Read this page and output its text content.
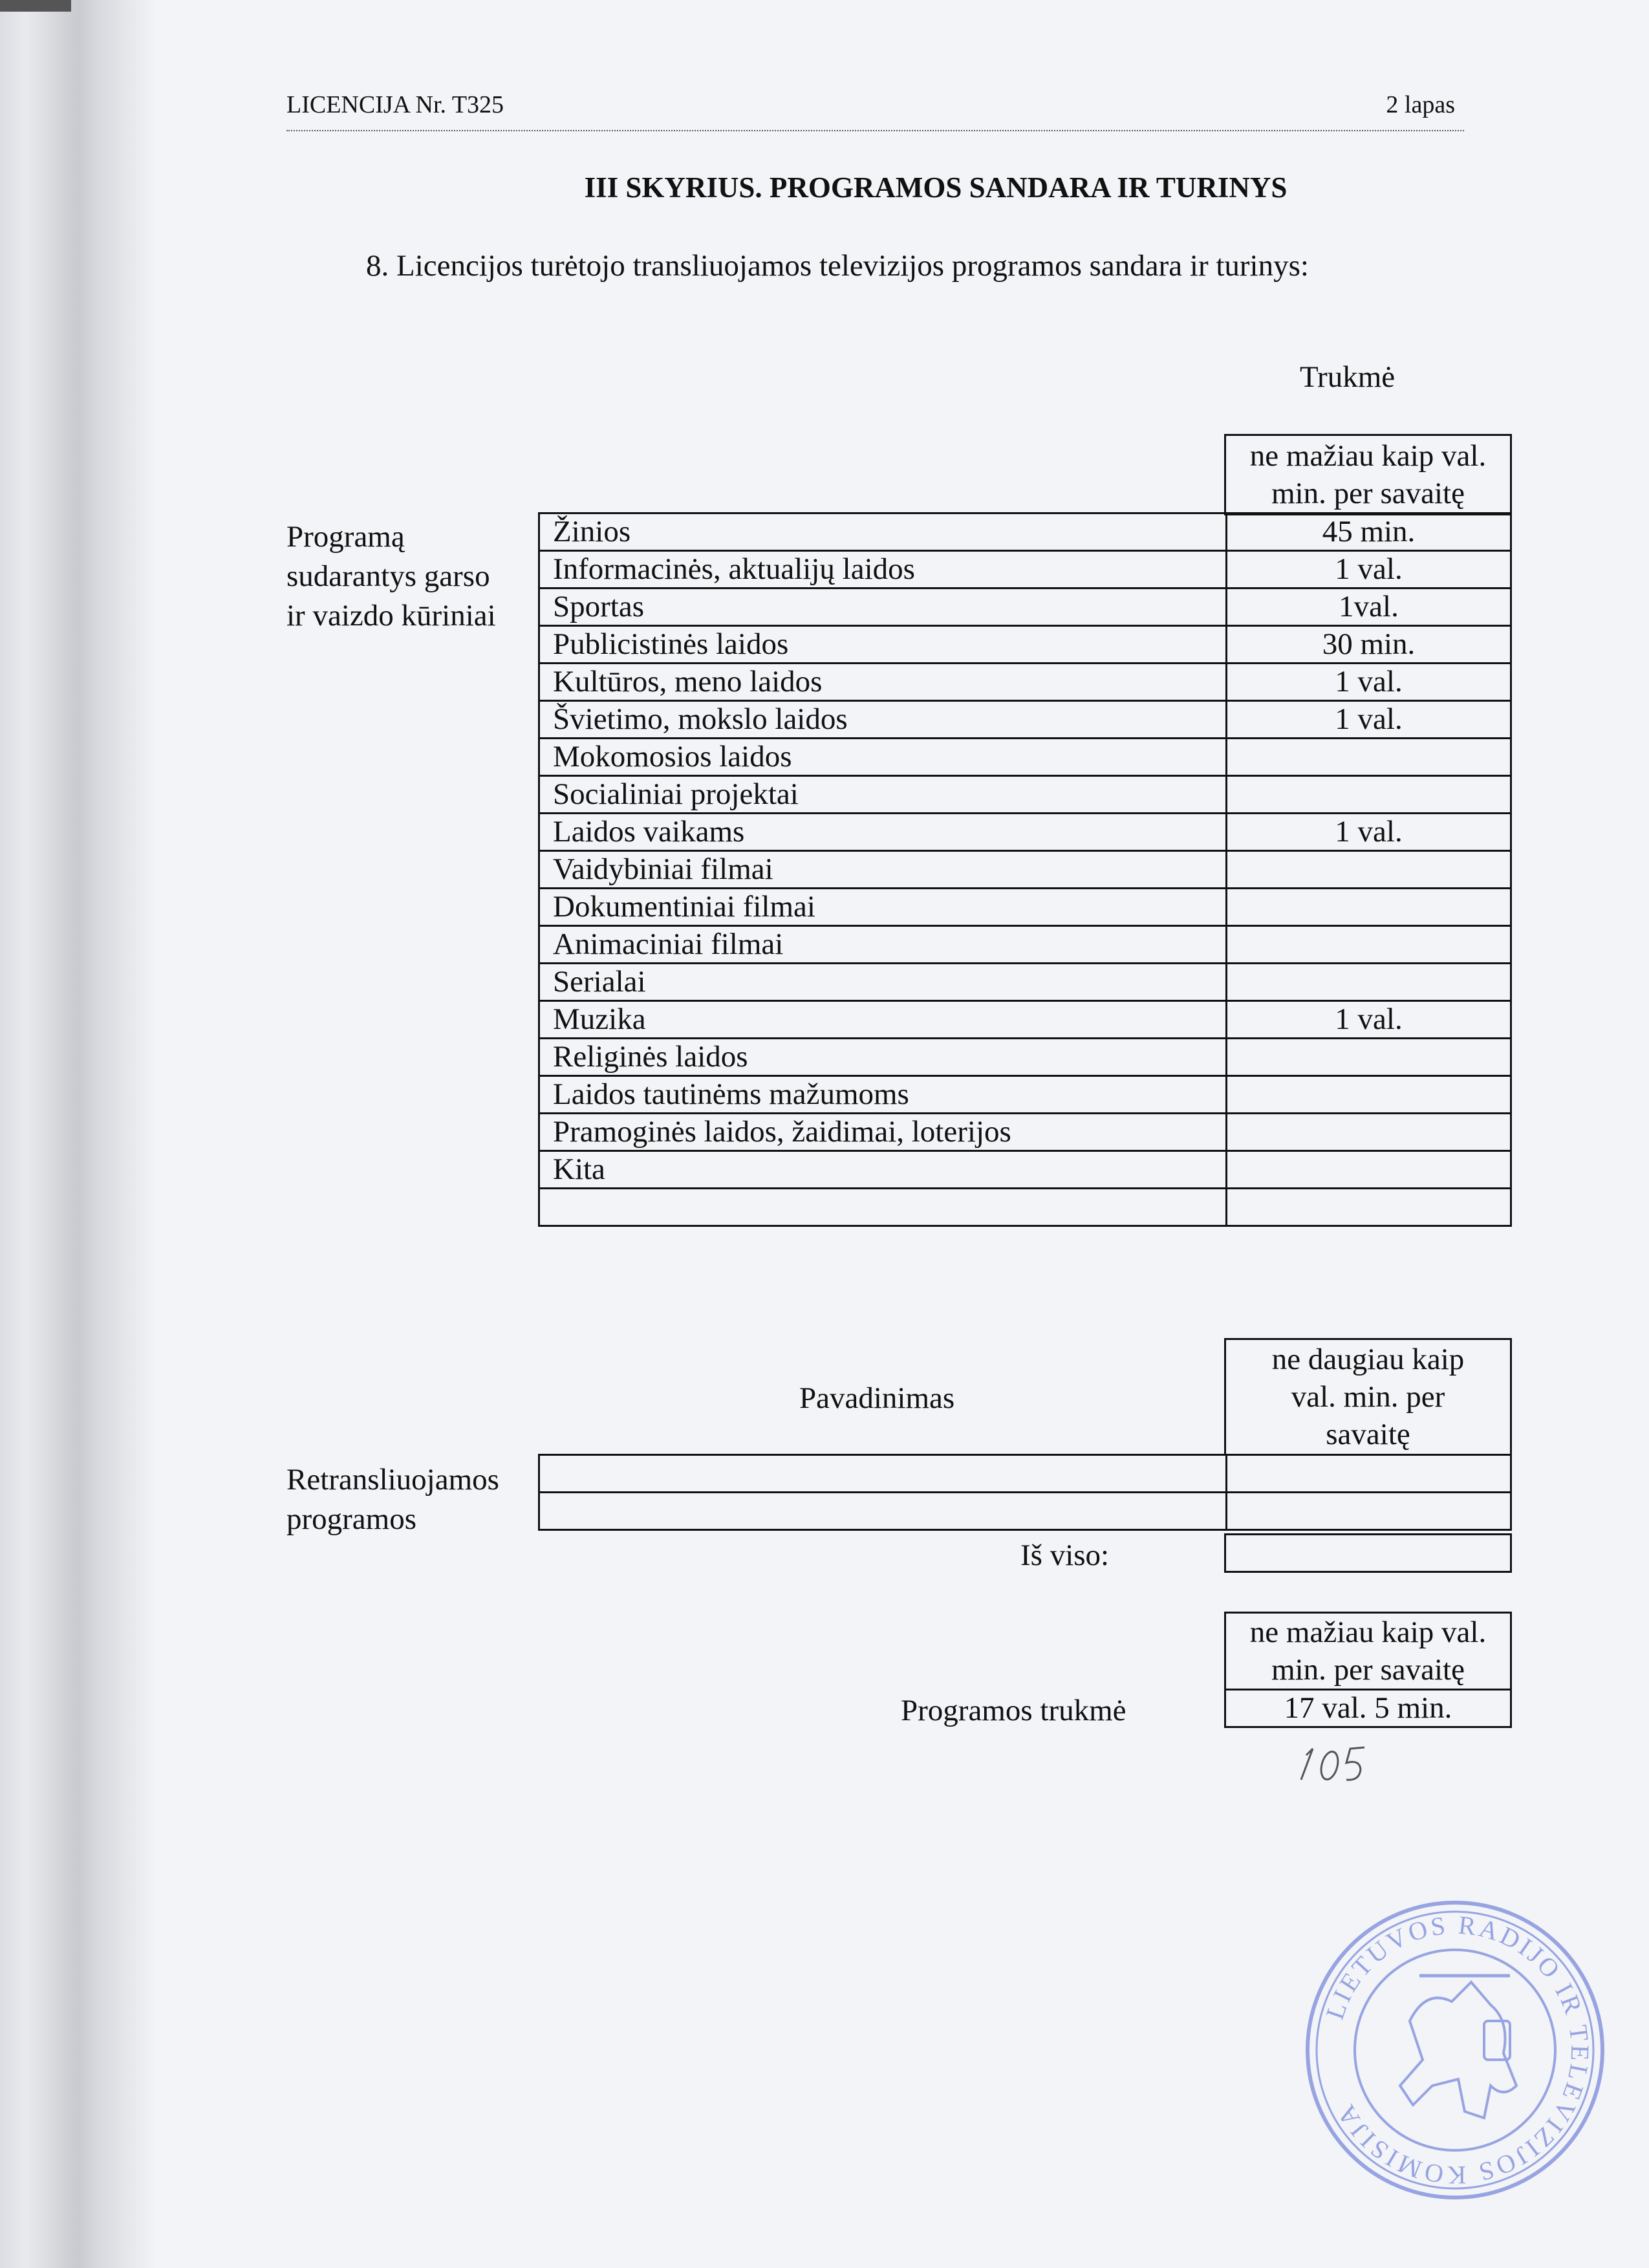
LICENCIJA Nr. T325	2 lapas
III SKYRIUS. PROGRAMOS SANDARA IR TURINYS
8. Licencijos turėtojo transliuojamos televizijos programos sandara ir turinys:
Trukmė
Programą
sudarantys garso
ir vaizdo kūriniai
ne mažiau kaip val.
min. per savaitę
Žinios	45 min.
Informacinės, aktualijų laidos	1 val.
Sportas	1val.
Publicistinės laidos	30 min.
Kultūros, meno laidos	1 val.
Švietimo, mokslo laidos	1 val.
Mokomosios laidos	
Socialiniai projektai	
Laidos vaikams	1 val.
Vaidybiniai filmai	
Dokumentiniai filmai	
Animaciniai filmai	
Serialai	
Muzika	1 val.
Religinės laidos	
Laidos tautinėms mažumoms	
Pramoginės laidos, žaidimai, loterijos	
Kita	

ne daugiau kaip
val. min. per
savaitę
Pavadinimas

Retransliuojamos
programos
Iš viso:
ne mažiau kaip val.
min. per savaitę

17 val. 5 min.
Programos trukmė
LIETUVOS RADIJO IR TELEVIZIJOS KOMISIJA
